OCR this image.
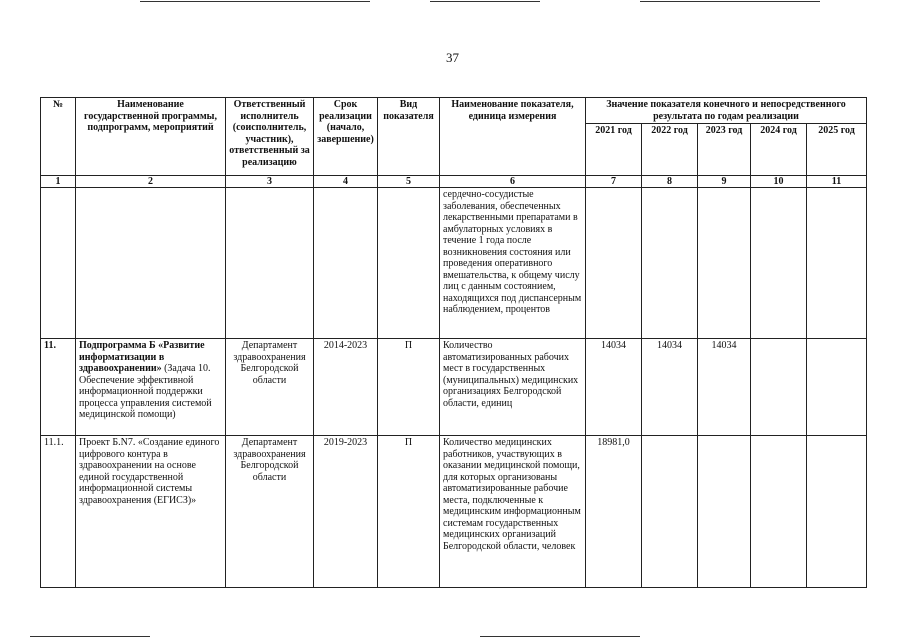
37
№	Наименование государственной программы, подпрограмм, мероприятий	Ответственный исполнитель (соисполнитель, участник), ответственный за реализацию	Срок реализации (начало, завершение)	Вид показателя	Наименование показателя, единица измерения	Значение показателя конечного и непосредственного результата по годам реализации				
						2021 год	2022 год	2023 год	2024 год	2025 год
1	2	3	4	5	6	7	8	9	10	11

				сердечно-сосудистые заболевания, обеспеченных лекарственными препаратами в амбулаторных условиях в течение 1 года после возникновения состояния или проведения оперативного вмешательства, к общему числу лиц с данным состоянием, находящихся под диспансерным наблюдением, процентов					
11.	Подпрограмма Б «Развитие информатизации в здравоохранении» (Задача 10. Обеспечение эффективной информационной поддержки процесса управления системой медицинской помощи)	Департамент здравоохранения Белгородской области	2014-2023	П	Количество автоматизированных рабочих мест в государственных (муниципальных) медицинских организациях Белгородской области, единиц	14034	14034	14034		
11.1.	Проект Б.N7. «Создание единого цифрового контура в здравоохранении на основе единой государственной информационной системы здравоохранения (ЕГИСЗ)»	Департамент здравоохранения Белгородской области	2019-2023	П	Количество медицинских работников, участвующих в оказании медицинской помощи, для которых организованы автоматизированные рабочие места, подключенные к медицинским информационным системам государственных медицинских организаций Белгородской области, человек	18981,0				
